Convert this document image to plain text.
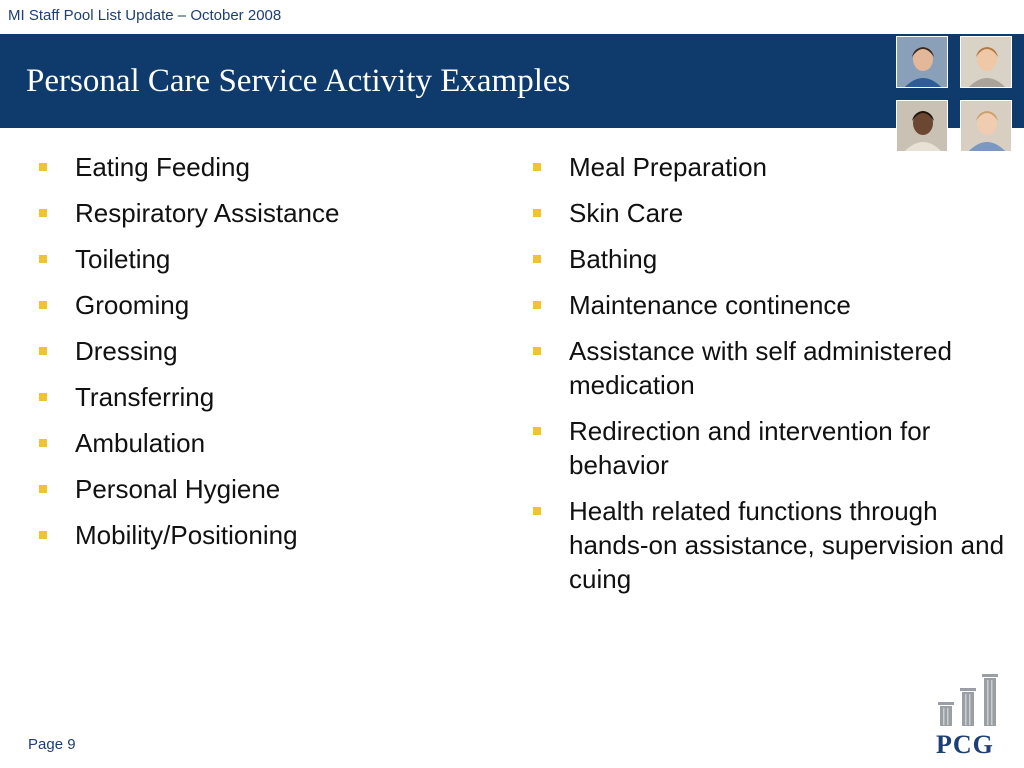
MI Staff Pool List Update – October 2008
Personal Care Service Activity Examples
Eating Feeding
Respiratory Assistance
Toileting
Grooming
Dressing
Transferring
Ambulation
Personal Hygiene
Mobility/Positioning
Meal Preparation
Skin Care
Bathing
Maintenance continence
Assistance with self administered medication
Redirection and intervention for behavior
Health related functions through hands-on assistance, supervision and cuing
Page 9	PCG
